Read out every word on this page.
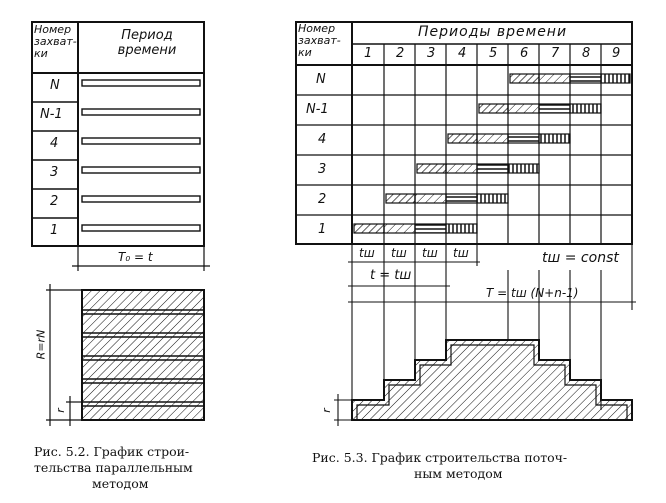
Номер
захват-
ки
Период
времени
N
N-1
4
3
2
1
T₀ = t
R=rN
r
Рис. 5.2. График строи-
тельства параллельным
методом
Номер
захват-
ки
Периоды времени
1 2 3 4 5 6 7 8 9
N
N-1
4
3
2
1
tш tш tш tш	tш = const
t = tш
T = tш (N+n-1)
r
Рис. 5.3. График строительства поточ-
ным методом
